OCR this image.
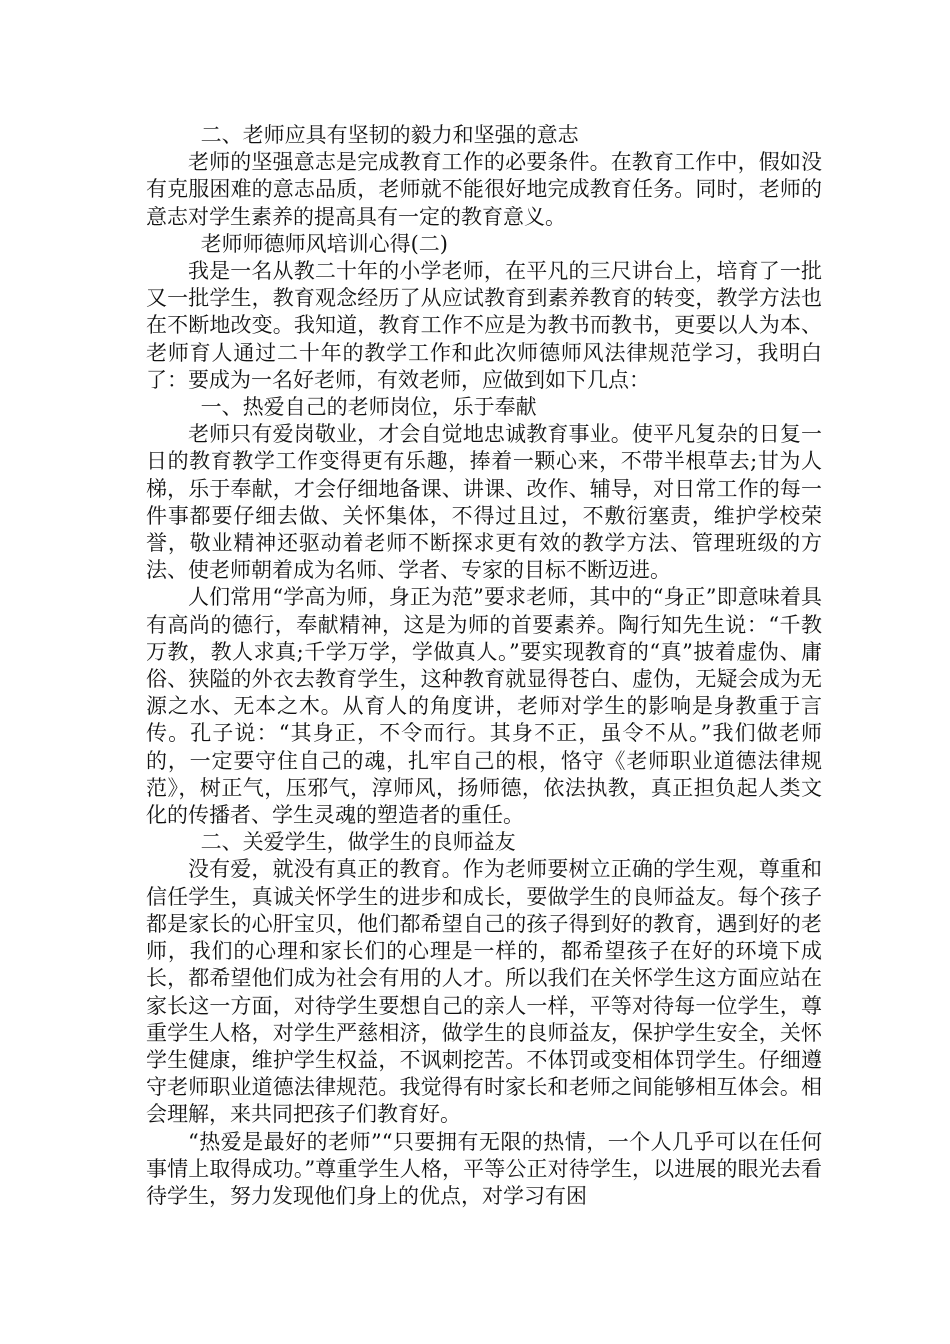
二、老师应具有坚韧的毅力和坚强的意志

老师的坚强意志是完成教育工作的必要条件。在教育工作中，假如没有克服困难的意志品质，老师就不能很好地完成教育任务。同时，老师的意志对学生素养的提高具有一定的教育意义。

老师师德师风培训心得(二)

我是一名从教二十年的小学老师，在平凡的三尺讲台上，培育了一批又一批学生，教育观念经历了从应试教育到素养教育的转变，教学方法也在不断地改变。我知道，教育工作不应是为教书而教书，更要以人为本、老师育人通过二十年的教学工作和此次师德师风法律规范学习，我明白了：要成为一名好老师，有效老师，应做到如下几点：

一、热爱自己的老师岗位，乐于奉献

老师只有爱岗敬业，才会自觉地忠诚教育事业。使平凡复杂的日复一日的教育教学工作变得更有乐趣，捧着一颗心来，不带半根草去;甘为人梯，乐于奉献，才会仔细地备课、讲课、改作、辅导，对日常工作的每一件事都要仔细去做、关怀集体，不得过且过，不敷衍塞责，维护学校荣誉，敬业精神还驱动着老师不断探求更有效的教学方法、管理班级的方法、使老师朝着成为名师、学者、专家的目标不断迈进。

人们常用“学高为师，身正为范”要求老师，其中的“身正”即意味着具有高尚的德行，奉献精神，这是为师的首要素养。陶行知先生说：“千教万教，教人求真;千学万学，学做真人。”要实现教育的“真”披着虚伪、庸俗、狭隘的外衣去教育学生，这种教育就显得苍白、虚伪，无疑会成为无源之水、无本之木。从育人的角度讲，老师对学生的影响是身教重于言传。孔子说：“其身正，不令而行。其身不正，虽令不从。”我们做老师的，一定要守住自己的魂，扎牢自己的根，恪守《老师职业道德法律规范》，树正气，压邪气，淳师风，扬师德，依法执教，真正担负起人类文化的传播者、学生灵魂的塑造者的重任。

二、关爱学生，做学生的良师益友

没有爱，就没有真正的教育。作为老师要树立正确的学生观，尊重和信任学生，真诚关怀学生的进步和成长，要做学生的良师益友。每个孩子都是家长的心肝宝贝，他们都希望自己的孩子得到好的教育，遇到好的老师，我们的心理和家长们的心理是一样的，都希望孩子在好的环境下成长，都希望他们成为社会有用的人才。所以我们在关怀学生这方面应站在家长这一方面，对待学生要想自己的亲人一样，平等对待每一位学生，尊重学生人格，对学生严慈相济，做学生的良师益友，保护学生安全，关怀学生健康，维护学生权益，不讽刺挖苦。不体罚或变相体罚学生。仔细遵守老师职业道德法律规范。我觉得有时家长和老师之间能够相互体会。相会理解，来共同把孩子们教育好。

“热爱是最好的老师”“只要拥有无限的热情，一个人几乎可以在任何事情上取得成功。”尊重学生人格，平等公正对待学生，以进展的眼光去看待学生，努力发现他们身上的优点，对学习有困
